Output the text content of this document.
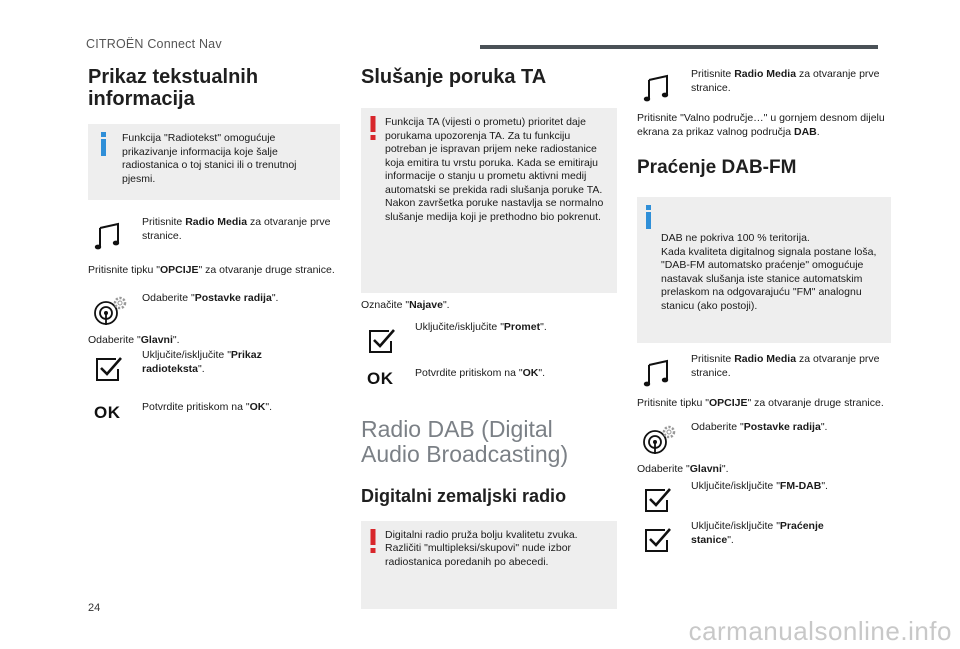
CITROËN Connect Nav
Prikaz tekstualnih informacija
Funkcija "Radiotekst" omogućuje prikazivanje informacija koje šalje radiostanica o toj stanici ili o trenutnoj pjesmi.
Pritisnite Radio Media za otvaranje prve stranice.

Pritisnite tipku "OPCIJE" za otvaranje druge stranice.

Odaberite "Postavke radija".

Odaberite "Glavni".

Uključite/isključite "Prikaz radioteksta".
OK	Potvrdite pritiskom na "OK".
Slušanje poruka TA
Funkcija TA (vijesti o prometu) prioritet daje porukama upozorenja TA. Za tu funkciju potreban je ispravan prijem neke radiostanice koja emitira tu vrstu poruka. Kada se emitiraju informacije o stanju u prometu aktivni medij automatski se prekida radi slušanja poruke TA. Nakon završetka poruke nastavlja se normalno slušanje medija koji je prethodno bio pokrenut.

Označite "Najave".

Uključite/isključite "Promet".
OK	Potvrdite pritiskom na "OK".
Radio DAB (Digital Audio Broadcasting)
Digitalni zemaljski radio
Digitalni radio pruža bolju kvalitetu zvuka. Različiti "multipleksi/skupovi" nude izbor radiostanica poredanih po abecedi.
Pritisnite Radio Media za otvaranje prve stranice.

Pritisnite "Valno područje…" u gornjem desnom dijelu ekrana za prikaz valnog područja DAB.

Praćenje DAB-FM

DAB ne pokriva 100 % teritorija.
Kada kvaliteta digitalnog signala postane loša, "DAB-FM automatsko praćenje" omogućuje nastavak slušanja iste stanice automatskim prelaskom na odgovarajuću "FM" analognu stanicu (ako postoji).

Pritisnite Radio Media za otvaranje prve stranice.

Pritisnite tipku "OPCIJE" za otvaranje druge stranice.

Odaberite "Postavke radija".

Odaberite "Glavni".

Uključite/isključite "FM-DAB".
Uključite/isključite "Praćenje stanice".
24
carmanualsonline.info
